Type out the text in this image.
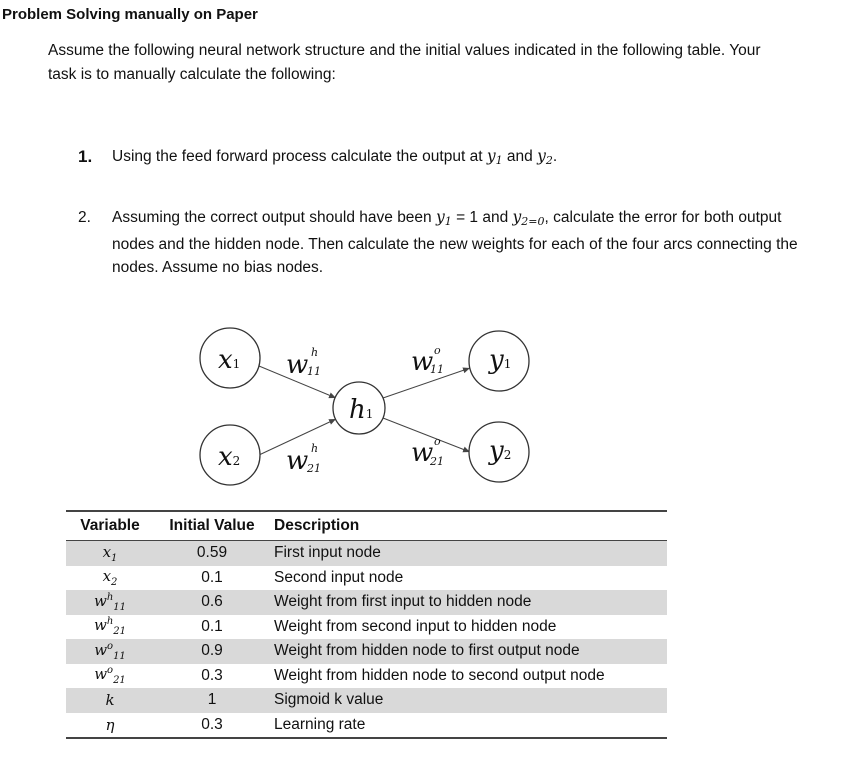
Problem Solving manually on Paper
Assume the following neural network structure and the initial values indicated in the following table. Your task is to manually calculate the following:
1. Using the feed forward process calculate the output at y1 and y2.
2. Assuming the correct output should have been y1 = 1 and y2=0, calculate the error for both output nodes and the hidden node. Then calculate the new weights for each of the four arcs connecting the nodes. Assume no bias nodes.
x1
x2
h1
y1
y2
w h
11
w h
21
w o
11
w o
21
Variable	Initial Value	Description
$x_1$	0.59	First input node
$x_2$	0.1	Second input node
$w^h_{11}$	0.6	Weight from first input to hidden node
$w^h_{21}$	0.1	Weight from second input to hidden node
$w^o_{11}$	0.9	Weight from hidden node to first output node
$w^o_{21}$	0.3	Weight from hidden node to second output node
k	1	Sigmoid k value
η	0.3	Learning rate
